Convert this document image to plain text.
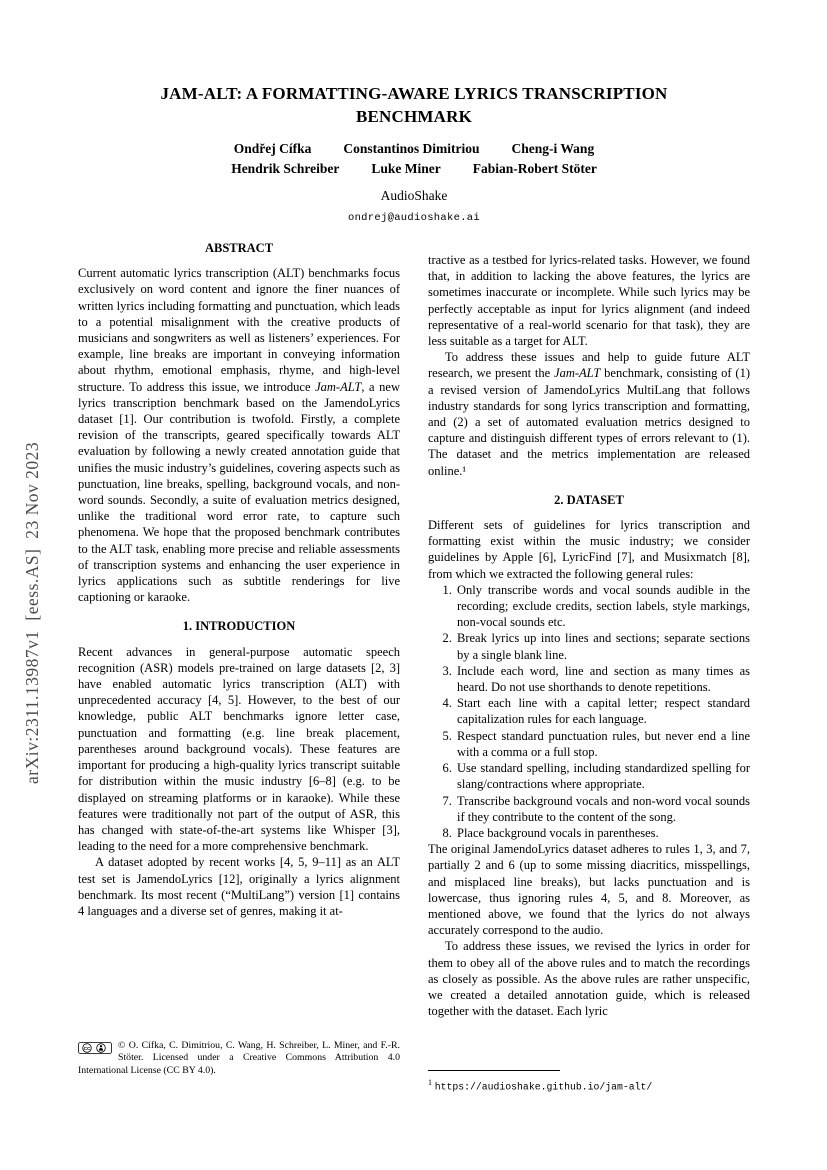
arXiv:2311.13987v1  [eess.AS]  23 Nov 2023
JAM-ALT: A FORMATTING-AWARE LYRICS TRANSCRIPTION
BENCHMARK
Ondřej Cífka Constantinos Dimitriou Cheng-i Wang
Hendrik Schreiber Luke Miner Fabian-Robert Stöter
AudioShake
ondrej@audioshake.ai
ABSTRACT

Current automatic lyrics transcription (ALT) benchmarks focus exclusively on word content and ignore the finer nuances of written lyrics including formatting and punctuation, which leads to a potential misalignment with the creative products of musicians and songwriters as well as listeners’ experiences. For example, line breaks are important in conveying information about rhythm, emotional emphasis, rhyme, and high-level structure. To address this issue, we introduce Jam-ALT, a new lyrics transcription benchmark based on the JamendoLyrics dataset [1]. Our contribution is twofold. Firstly, a complete revision of the transcripts, geared specifically towards ALT evaluation by following a newly created annotation guide that unifies the music industry’s guidelines, covering aspects such as punctuation, line breaks, spelling, background vocals, and non-word sounds. Secondly, a suite of evaluation metrics designed, unlike the traditional word error rate, to capture such phenomena. We hope that the proposed benchmark contributes to the ALT task, enabling more precise and reliable assessments of transcription systems and enhancing the user experience in lyrics applications such as subtitle renderings for live captioning or karaoke.

1. INTRODUCTION

Recent advances in general-purpose automatic speech recognition (ASR) models pre-trained on large datasets [2, 3] have enabled automatic lyrics transcription (ALT) with unprecedented accuracy [4, 5]. However, to the best of our knowledge, public ALT benchmarks ignore letter case, punctuation and formatting (e.g. line break placement, parentheses around background vocals). These features are important for producing a high-quality lyrics transcript suitable for distribution within the music industry [6–8] (e.g. to be displayed on streaming platforms or in karaoke). While these features were traditionally not part of the output of ASR, this has changed with state-of-the-art systems like Whisper [3], leading to the need for a more comprehensive benchmark.

A dataset adopted by recent works [4, 5, 9–11] as an ALT test set is JamendoLyrics [12], originally a lyrics alignment benchmark. Its most recent (“MultiLang”) version [1] contains 4 languages and a diverse set of genres, making it at-

CC	© O. Cífka, C. Dimitriou, C. Wang, H. Schreiber, L. Miner, and F.-R. Stöter. Licensed under a Creative Commons Attribution 4.0 International License (CC BY 4.0).

tractive as a testbed for lyrics-related tasks. However, we found that, in addition to lacking the above features, the lyrics are sometimes inaccurate or incomplete. While such lyrics may be perfectly acceptable as input for lyrics alignment (and indeed representative of a real-world scenario for that task), they are less suitable as a target for ALT.

To address these issues and help to guide future ALT research, we present the Jam-ALT benchmark, consisting of (1) a revised version of JamendoLyrics MultiLang that follows industry standards for song lyrics transcription and formatting, and (2) a set of automated evaluation metrics designed to capture and distinguish different types of errors relevant to (1). The dataset and the metrics implementation are released online.¹

2. DATASET

Different sets of guidelines for lyrics transcription and formatting exist within the music industry; we consider guidelines by Apple [6], LyricFind [7], and Musixmatch [8], from which we extracted the following general rules:

1. Only transcribe words and vocal sounds audible in the recording; exclude credits, section labels, style markings, non-vocal sounds etc.
2. Break lyrics up into lines and sections; separate sections by a single blank line.
3. Include each word, line and section as many times as heard. Do not use shorthands to denote repetitions.
4. Start each line with a capital letter; respect standard capitalization rules for each language.
5. Respect standard punctuation rules, but never end a line with a comma or a full stop.
6. Use standard spelling, including standardized spelling for slang/contractions where appropriate.
7. Transcribe background vocals and non-word vocal sounds if they contribute to the content of the song.
8. Place background vocals in parentheses.

The original JamendoLyrics dataset adheres to rules 1, 3, and 7, partially 2 and 6 (up to some missing diacritics, misspellings, and misplaced line breaks), but lacks punctuation and is lowercase, thus ignoring rules 4, 5, and 8. Moreover, as mentioned above, we found that the lyrics do not always accurately correspond to the audio.

To address these issues, we revised the lyrics in order for them to obey all of the above rules and to match the recordings as closely as possible. As the above rules are rather unspecific, we created a detailed annotation guide, which is released together with the dataset. Each lyric

$^1$ https://audioshake.github.io/jam-alt/
